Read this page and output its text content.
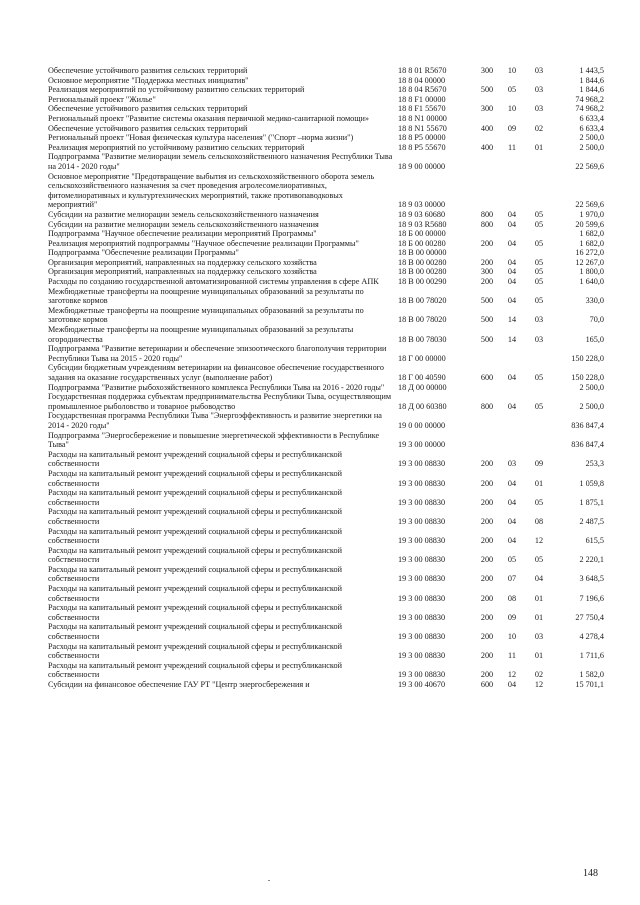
Обеспечение устойчивого развития сельских территорий	18 8 01 R5670	300	10	03	1 443,5
Основное мероприятие "Поддержка местных инициатив"	18 8 04 00000	1 844,6
Реализация мероприятий по устойчивому развитию сельских территорий	18 8 04 R5670	500	05	03	1 844,6
Региональный проект "Жилье"	18 8 F1 00000	74 968,2
Обеспечение устойчивого развития сельских территорий	18 8 F1 55670	300	10	03	74 968,2
Региональный проект "Развитие системы оказания первичной медико-санитарной помощи»	18 8 N1 00000	6 633,4
Обеспечение устойчивого развития сельских территорий	18 8 N1 55670	400	09	02	6 633,4
Региональный проект "Новая физическая культура населения" ("Спорт –норма жизни")	18 8 P5 00000	2 500,0
Реализация мероприятий по устойчивому развитию сельских территорий	18 8 P5 55670	400	11	01	2 500,0
Подпрограмма "Развитие мелиорации земель сельскохозяйственного назначения Республики Тыва на 2014 - 2020 годы"	18 9 00 00000	22 569,6
Основное мероприятие "Предотвращение выбытия из сельскохозяйственного оборота земель сельскохозяйственного назначения за счет проведения агролесомелиоративных, фитомелиоративных и культуртехнических мероприятий, также противопаводковых мероприятий"	18 9 03 00000	22 569,6
Субсидии на развитие мелиорации земель сельскохозяйственного назначения	18 9 03 60680	800	04	05	1 970,0
Субсидии на развитие мелиорации земель сельскохозяйственного назначения	18 9 03 R5680	800	04	05	20 599,6
Подпрограмма "Научное обеспечение реализации мероприятий Программы"	18 Б 00 00000	1 682,0
Реализация мероприятий подпрограммы "Научное обеспечение реализации Программы"	18 Б 00 00280	200	04	05	1 682,0
Подпрограмма "Обеспечение реализации Программы"	18 В 00 00000	16 272,0
Организация мероприятий, направленных на поддержку сельского хозяйства	18 В 00 00280	200	04	05	12 267,0
Организация мероприятий, направленных на поддержку сельского хозяйства	18 В 00 00280	300	04	05	1 800,0
Расходы по созданию государственной автоматизированной системы управления в сфере АПК	18 В 00 00290	200	04	05	1 640,0
Межбюджетные трансферты на поощрение муниципальных образований за результаты по заготовке кормов	18 В 00 78020	500	04	05	330,0
Межбюджетные трансферты на поощрение муниципальных образований за результаты по заготовке кормов	18 В 00 78020	500	14	03	70,0
Межбюджетные трансферты на поощрение муниципальных образований за результаты огородничества	18 В 00 78030	500	14	03	165,0
Подпрограмма "Развитие ветеринарии и обеспечение эпизоотического благополучия территории Республики Тыва на 2015 - 2020 годы"	18 Г 00 00000	150 228,0
Субсидии бюджетным учреждениям ветеринарии на финансовое обеспечение государственного задания на оказание государственных услуг (выполнение работ)	18 Г 00 40590	600	04	05	150 228,0
Подпрограмма "Развитие рыбохозяйственного комплекса Республики Тыва на 2016 - 2020 годы"	18 Д 00 00000	2 500,0
Государственная поддержка субъектам предпринимательства Республики Тыва, осуществляющим промышленное рыболовство и товарное рыбоводство	18 Д 00 60380	800	04	05	2 500,0
Государственная программа Республики Тыва "Энергоэффективность и развитие энергетики на 2014 - 2020 годы"	19 0 00 00000	836 847,4
Подпрограмма "Энергосбережение и повышение энергетической эффективности в Республике Тыва"	19 3 00 00000	836 847,4
Расходы на капитальный ремонт учреждений социальной сферы и республиканской собственности	19 3 00 08830	200	03	09	253,3
Расходы на капитальный ремонт учреждений социальной сферы и республиканской собственности	19 3 00 08830	200	04	01	1 059,8
Расходы на капитальный ремонт учреждений социальной сферы и республиканской собственности	19 3 00 08830	200	04	05	1 875,1
Расходы на капитальный ремонт учреждений социальной сферы и республиканской собственности	19 3 00 08830	200	04	08	2 487,5
Расходы на капитальный ремонт учреждений социальной сферы и республиканской собственности	19 3 00 08830	200	04	12	615,5
Расходы на капитальный ремонт учреждений социальной сферы и республиканской собственности	19 3 00 08830	200	05	05	2 220,1
Расходы на капитальный ремонт учреждений социальной сферы и республиканской собственности	19 3 00 08830	200	07	04	3 648,5
Расходы на капитальный ремонт учреждений социальной сферы и республиканской собственности	19 3 00 08830	200	08	01	7 196,6
Расходы на капитальный ремонт учреждений социальной сферы и республиканской собственности	19 3 00 08830	200	09	01	27 750,4
Расходы на капитальный ремонт учреждений социальной сферы и республиканской собственности	19 3 00 08830	200	10	03	4 278,4
Расходы на капитальный ремонт учреждений социальной сферы и республиканской собственности	19 3 00 08830	200	11	01	1 711,6
Расходы на капитальный ремонт учреждений социальной сферы и республиканской собственности	19 3 00 08830	200	12	02	1 582,0
Субсидии на финансовое обеспечение ГАУ РТ "Центр энергосбережения и	19 3 00 40670	600	04	12	15 701,1
148
